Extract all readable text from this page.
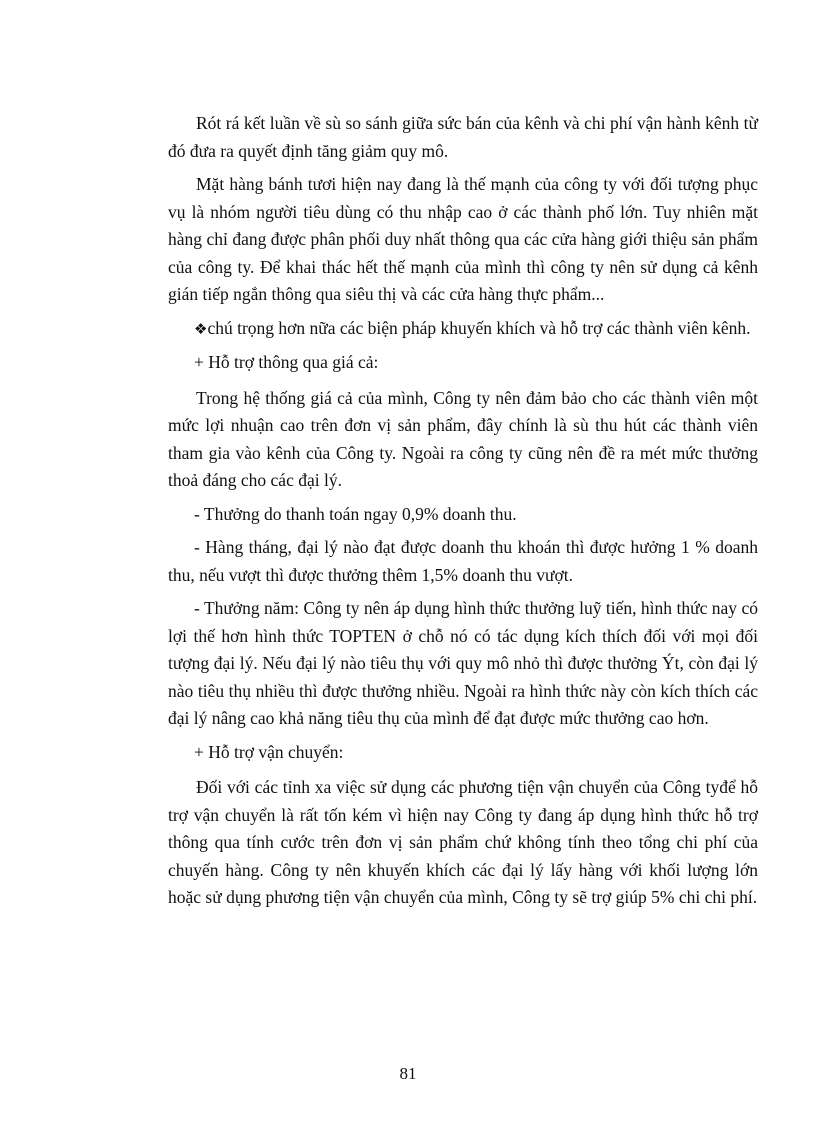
Rót rá kết luần về sù so sánh giữa sức bán của kênh và chi phí vận hành kênh từ đó đưa ra quyết định tăng giảm quy mô.

Mặt hàng bánh tươi hiện nay đang là thế mạnh của công ty với đối tượng phục vụ là nhóm người tiêu dùng có thu nhập cao ở các thành phố lớn. Tuy nhiên mặt hàng chỉ đang được phân phối duy nhất thông qua các cửa hàng giới thiệu sản phẩm của công ty. Để khai thác hết thế mạnh của mình thì công ty nên sử dụng cả kênh gián tiếp ngắn thông qua siêu thị và các cửa hàng thực phẩm...

❖chú trọng hơn nữa các biện pháp khuyến khích và hỗ trợ các thành viên kênh.

+ Hỗ trợ thông qua giá cả:

Trong hệ thống giá cả của mình, Công ty nên đảm bảo cho các thành viên một mức lợi nhuận cao trên đơn vị sản phẩm, đây chính là sù thu hút các thành viên tham gia vào kênh của Công ty. Ngoài ra công ty cũng nên đề ra mét mức thưởng thoả đáng cho các đại lý.

- Thưởng do thanh toán ngay 0,9% doanh thu.

- Hàng tháng, đại lý nào đạt được doanh thu khoán thì được hưởng 1 % doanh thu, nếu vượt thì được thưởng thêm 1,5% doanh thu vượt.

- Thưởng năm: Công ty nên áp dụng hình thức thưởng luỹ tiến, hình thức nay có lợi thế hơn hình thức TOPTEN ở chỗ nó có tác dụng kích thích đối với mọi đối tượng đại lý. Nếu đại lý nào tiêu thụ với quy mô nhỏ thì được thưởng Ýt, còn đại lý nào tiêu thụ nhiều thì được thưởng nhiều. Ngoài ra hình thức này còn kích thích các đại lý nâng cao khả năng tiêu thụ của mình để đạt được mức thưởng cao hơn.

+ Hỗ trợ vận chuyển:

Đối với các tỉnh xa việc sử dụng các phương tiện vận chuyển của Công tyđể hỗ trợ vận chuyển là rất tốn kém vì hiện nay Công ty đang áp dụng hình thức hỗ trợ thông qua tính cước trên đơn vị sản phẩm chứ không tính theo tổng chi phí của chuyến hàng. Công ty nên khuyến khích các đại lý lấy hàng với khối lượng lớn hoặc sử dụng phương tiện vận chuyển của mình, Công ty sẽ trợ giúp 5% chi chi phí.

81
